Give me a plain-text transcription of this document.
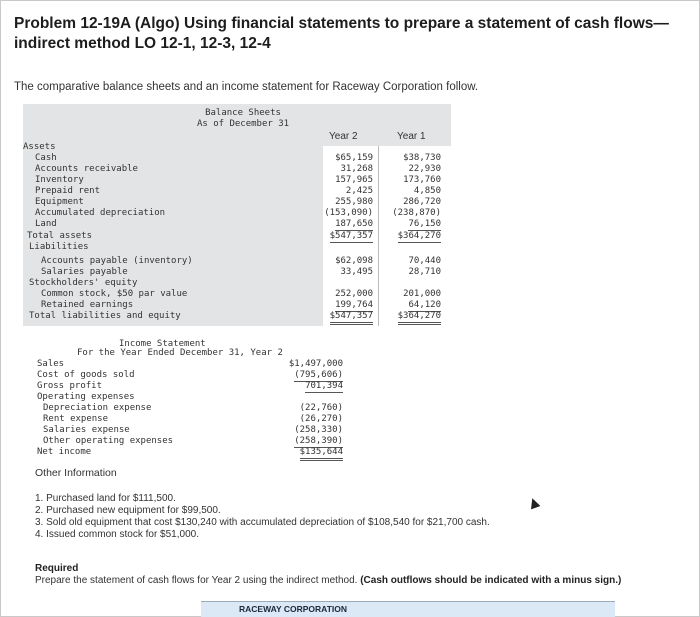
Problem 12-19A (Algo) Using financial statements to prepare a statement of cash flows—indirect method LO 12-1, 12-3, 12-4
The comparative balance sheets and an income statement for Raceway Corporation follow.
Balance Sheets
As of December 31
Year 2	Year 1
Assets
Cash	$65,159	$38,730
Accounts receivable	31,268	22,930
Inventory	157,965	173,760
Prepaid rent	2,425	4,850
Equipment	255,980	286,720
Accumulated depreciation	(153,090) (238,870)
Land	187,650	76,150
Total assets	$547,357	$364,270
Liabilities
Accounts payable (inventory)	$62,098	70,440
Salaries payable	33,495	28,710
Stockholders' equity
Common stock, $50 par value	252,000	201,000
Retained earnings	199,764	64,120
Total liabilities and equity	$547,357	$364,270
Income Statement
For the Year Ended December 31, Year 2
Sales	$1,497,000
Cost of goods sold	(795,606)
Gross profit	701,394
Operating expenses
Depreciation expense	(22,760)
Rent expense	(26,270)
Salaries expense	(258,330)
Other operating expenses	(258,390)
Net income	$135,644
Other Information
1. Purchased land for $111,500.
2. Purchased new equipment for $99,500.
3. Sold old equipment that cost $130,240 with accumulated depreciation of $108,540 for $21,700 cash.
4. Issued common stock for $51,000.
Required
Prepare the statement of cash flows for Year 2 using the indirect method. (Cash outflows should be indicated with a minus sign.)
RACEWAY CORPORATION
